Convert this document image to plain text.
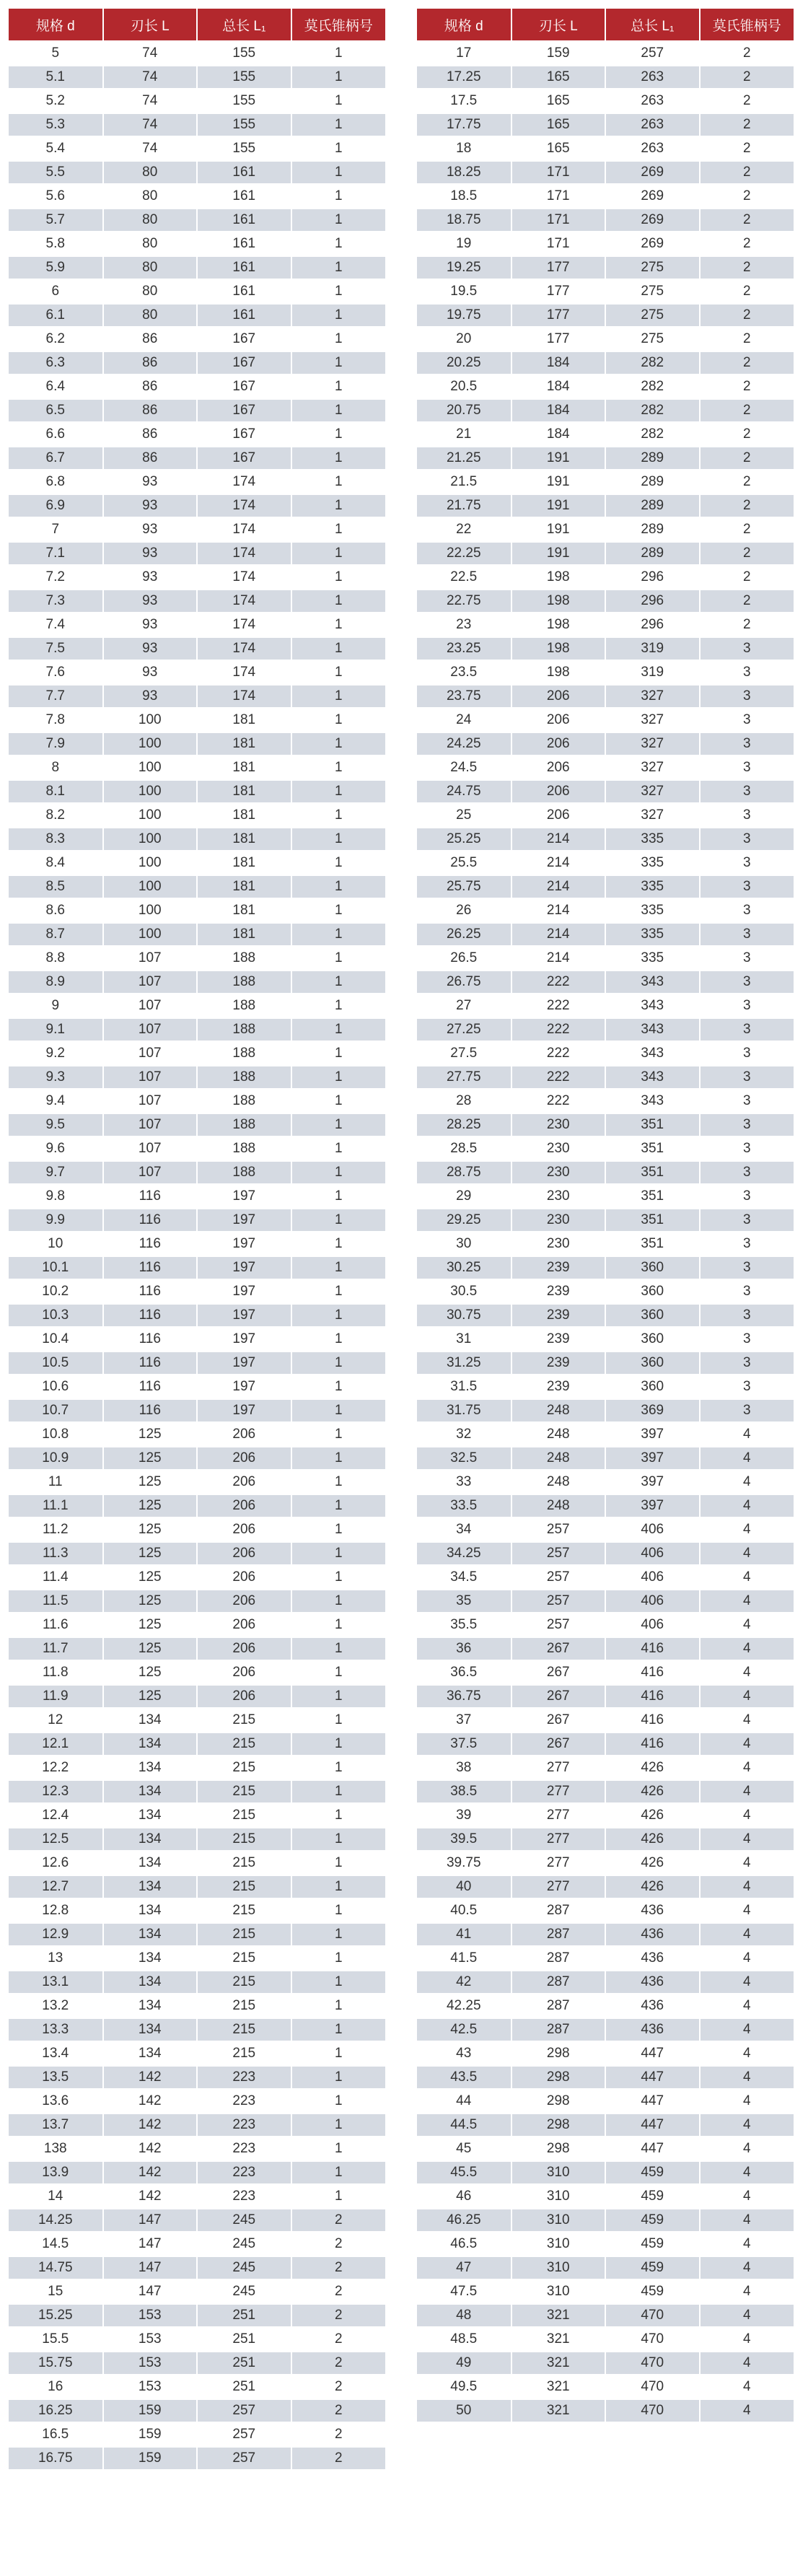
规格 d	刃长 L	总长 L₁	莫氏锥柄号
5	74	155	1
5.1	74	155	1
5.2	74	155	1
5.3	74	155	1
5.4	74	155	1
5.5	80	161	1
5.6	80	161	1
5.7	80	161	1
5.8	80	161	1
5.9	80	161	1
6	80	161	1
6.1	80	161	1
6.2	86	167	1
6.3	86	167	1
6.4	86	167	1
6.5	86	167	1
6.6	86	167	1
6.7	86	167	1
6.8	93	174	1
6.9	93	174	1
7	93	174	1
7.1	93	174	1
7.2	93	174	1
7.3	93	174	1
7.4	93	174	1
7.5	93	174	1
7.6	93	174	1
7.7	93	174	1
7.8	100	181	1
7.9	100	181	1
8	100	181	1
8.1	100	181	1
8.2	100	181	1
8.3	100	181	1
8.4	100	181	1
8.5	100	181	1
8.6	100	181	1
8.7	100	181	1
8.8	107	188	1
8.9	107	188	1
9	107	188	1
9.1	107	188	1
9.2	107	188	1
9.3	107	188	1
9.4	107	188	1
9.5	107	188	1
9.6	107	188	1
9.7	107	188	1
9.8	116	197	1
9.9	116	197	1
10	116	197	1
10.1	116	197	1
10.2	116	197	1
10.3	116	197	1
10.4	116	197	1
10.5	116	197	1
10.6	116	197	1
10.7	116	197	1
10.8	125	206	1
10.9	125	206	1
11	125	206	1
11.1	125	206	1
11.2	125	206	1
11.3	125	206	1
11.4	125	206	1
11.5	125	206	1
11.6	125	206	1
11.7	125	206	1
11.8	125	206	1
11.9	125	206	1
12	134	215	1
12.1	134	215	1
12.2	134	215	1
12.3	134	215	1
12.4	134	215	1
12.5	134	215	1
12.6	134	215	1
12.7	134	215	1
12.8	134	215	1
12.9	134	215	1
13	134	215	1
13.1	134	215	1
13.2	134	215	1
13.3	134	215	1
13.4	134	215	1
13.5	142	223	1
13.6	142	223	1
13.7	142	223	1
138	142	223	1
13.9	142	223	1
14	142	223	1
14.25	147	245	2
14.5	147	245	2
14.75	147	245	2
15	147	245	2
15.25	153	251	2
15.5	153	251	2
15.75	153	251	2
16	153	251	2
16.25	159	257	2
16.5	159	257	2
16.75	159	257	2
规格 d	刃长 L	总长 L₁	莫氏锥柄号
17	159	257	2
17.25	165	263	2
17.5	165	263	2
17.75	165	263	2
18	165	263	2
18.25	171	269	2
18.5	171	269	2
18.75	171	269	2
19	171	269	2
19.25	177	275	2
19.5	177	275	2
19.75	177	275	2
20	177	275	2
20.25	184	282	2
20.5	184	282	2
20.75	184	282	2
21	184	282	2
21.25	191	289	2
21.5	191	289	2
21.75	191	289	2
22	191	289	2
22.25	191	289	2
22.5	198	296	2
22.75	198	296	2
23	198	296	2
23.25	198	319	3
23.5	198	319	3
23.75	206	327	3
24	206	327	3
24.25	206	327	3
24.5	206	327	3
24.75	206	327	3
25	206	327	3
25.25	214	335	3
25.5	214	335	3
25.75	214	335	3
26	214	335	3
26.25	214	335	3
26.5	214	335	3
26.75	222	343	3
27	222	343	3
27.25	222	343	3
27.5	222	343	3
27.75	222	343	3
28	222	343	3
28.25	230	351	3
28.5	230	351	3
28.75	230	351	3
29	230	351	3
29.25	230	351	3
30	230	351	3
30.25	239	360	3
30.5	239	360	3
30.75	239	360	3
31	239	360	3
31.25	239	360	3
31.5	239	360	3
31.75	248	369	3
32	248	397	4
32.5	248	397	4
33	248	397	4
33.5	248	397	4
34	257	406	4
34.25	257	406	4
34.5	257	406	4
35	257	406	4
35.5	257	406	4
36	267	416	4
36.5	267	416	4
36.75	267	416	4
37	267	416	4
37.5	267	416	4
38	277	426	4
38.5	277	426	4
39	277	426	4
39.5	277	426	4
39.75	277	426	4
40	277	426	4
40.5	287	436	4
41	287	436	4
41.5	287	436	4
42	287	436	4
42.25	287	436	4
42.5	287	436	4
43	298	447	4
43.5	298	447	4
44	298	447	4
44.5	298	447	4
45	298	447	4
45.5	310	459	4
46	310	459	4
46.25	310	459	4
46.5	310	459	4
47	310	459	4
47.5	310	459	4
48	321	470	4
48.5	321	470	4
49	321	470	4
49.5	321	470	4
50	321	470	4
